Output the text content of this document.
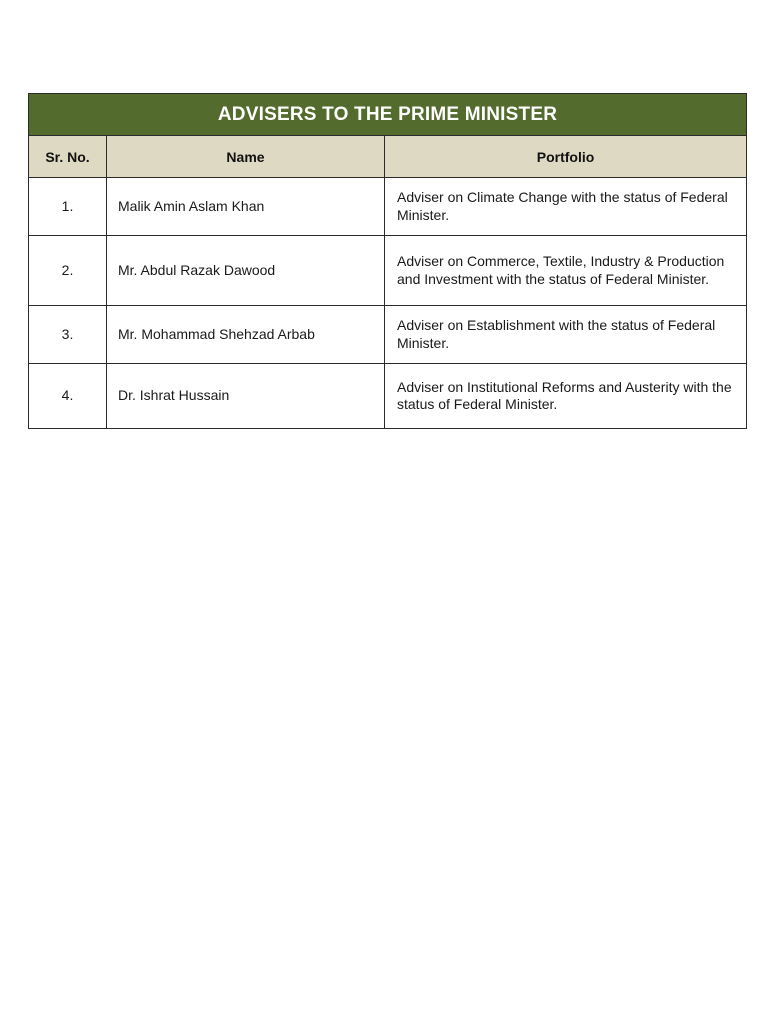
ADVISERS TO THE PRIME MINISTER		
Sr. No.	Name	Portfolio
1.	Malik Amin Aslam Khan	Adviser on Climate Change with the status of Federal Minister.
2.	Mr. Abdul Razak Dawood	Adviser on Commerce, Textile, Industry & Production and Investment with the status of Federal Minister.
3.	Mr. Mohammad Shehzad Arbab	Adviser on Establishment with the status of Federal Minister.
4.	Dr. Ishrat Hussain	Adviser on Institutional Reforms and Austerity with the status of Federal Minister.
